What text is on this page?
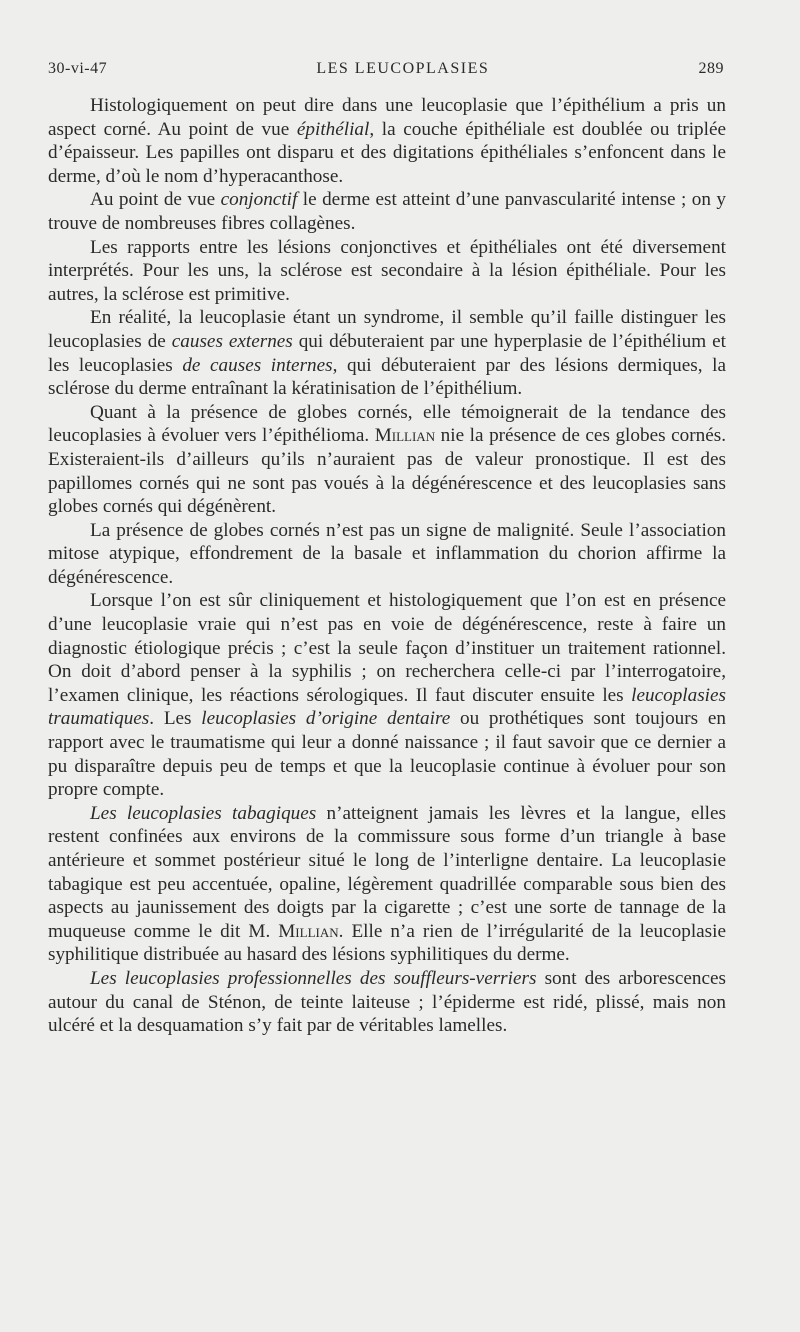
30-vi-47	LES LEUCOPLASIES	289

Histologiquement on peut dire dans une leucoplasie que l’épithélium a pris un aspect corné. Au point de vue épithélial, la couche épithéliale est doublée ou triplée d’épaisseur. Les papilles ont disparu et des digitations épithéliales s’enfoncent dans le derme, d’où le nom d’hyperacanthose.

Au point de vue conjonctif le derme est atteint d’une panvascularité intense ; on y trouve de nombreuses fibres collagènes.

Les rapports entre les lésions conjonctives et épithéliales ont été diversement interprétés. Pour les uns, la sclérose est secondaire à la lésion épithéliale. Pour les autres, la sclérose est primitive.

En réalité, la leucoplasie étant un syndrome, il semble qu’il faille distinguer les leucoplasies de causes externes qui débuteraient par une hyperplasie de l’épithélium et les leucoplasies de causes internes, qui débuteraient par des lésions dermiques, la sclérose du derme entraînant la kératinisation de l’épithélium.

Quant à la présence de globes cornés, elle témoignerait de la tendance des leucoplasies à évoluer vers l’épithélioma. Millian nie la présence de ces globes cornés. Existeraient-ils d’ailleurs qu’ils n’auraient pas de valeur pronostique. Il est des papillomes cornés qui ne sont pas voués à la dégénérescence et des leucoplasies sans globes cornés qui dégénèrent.

La présence de globes cornés n’est pas un signe de malignité. Seule l’association mitose atypique, effondrement de la basale et inflammation du chorion affirme la dégénérescence.

Lorsque l’on est sûr cliniquement et histologiquement que l’on est en présence d’une leucoplasie vraie qui n’est pas en voie de dégénérescence, reste à faire un diagnostic étiologique précis ; c’est la seule façon d’instituer un traitement rationnel. On doit d’abord penser à la syphilis ; on recherchera celle-ci par l’interrogatoire, l’examen clinique, les réactions sérologiques. Il faut discuter ensuite les leucoplasies traumatiques. Les leucoplasies d’origine dentaire ou prothétiques sont toujours en rapport avec le traumatisme qui leur a donné naissance ; il faut savoir que ce dernier a pu disparaître depuis peu de temps et que la leucoplasie continue à évoluer pour son propre compte.

Les leucoplasies tabagiques n’atteignent jamais les lèvres et la langue, elles restent confinées aux environs de la commissure sous forme d’un triangle à base antérieure et sommet postérieur situé le long de l’interligne dentaire. La leucoplasie tabagique est peu accentuée, opaline, légèrement quadrillée comparable sous bien des aspects au jaunissement des doigts par la cigarette ; c’est une sorte de tannage de la muqueuse comme le dit M. Millian. Elle n’a rien de l’irrégularité de la leucoplasie syphilitique distribuée au hasard des lésions syphilitiques du derme.

Les leucoplasies professionnelles des souffleurs-verriers sont des arborescences autour du canal de Sténon, de teinte laiteuse ; l’épiderme est ridé, plissé, mais non ulcéré et la desquamation s’y fait par de véritables lamelles.
